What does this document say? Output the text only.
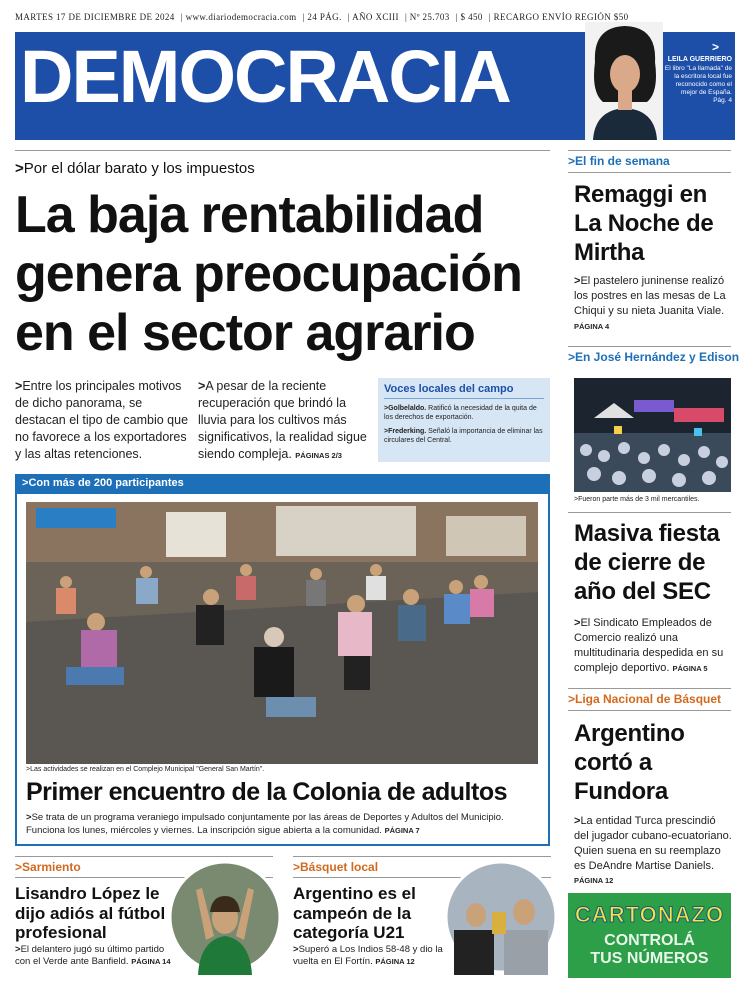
MARTES 17 DE DICIEMBRE DE 2024 | www.diariodemocracia.com | 24 PÁG. | AÑO XCIII | Nº 25.703 | $ 450 | RECARGO ENVÍO REGIÓN $50
DEMOCRACIA	>
LEILA GUERRIERO
El libro "La llamada" de la escritora local fue reconocido como el mejor de España.
Pág. 4
>Por el dólar barato y los impuestos
La baja rentabilidad genera preocupación en el sector agrario
>Entre los principales motivos de dicho panorama, se destacan el tipo de cambio que no favorece a los exportadores y las altas retenciones.
>A pesar de la reciente recuperación que brindó la lluvia para los cultivos más significativos, la realidad sigue siendo compleja. PÁGINAS 2/3
Voces locales del campo
>Golbelaldo. Ratificó la necesidad de la quita de los derechos de exportación.
>Frederking. Señaló la importancia de eliminar las circulares del Central.
>Con más de 200 participantes
>Las actividades se realizan en el Complejo Municipal "General San Martín".
Primer encuentro de la Colonia de adultos
>Se trata de un programa veraniego impulsado conjuntamente por las áreas de Deportes y Adultos del Municipio. Funciona los lunes, miércoles y viernes. La inscripción sigue abierta a la comunidad. PÁGINA 7
>Sarmiento
Lisandro López le dijo adiós al fútbol profesional
>El delantero jugó su último partido con el Verde ante Banfield. PÁGINA 14
>Básquet local
Argentino es el campeón de la categoría U21
>Superó a Los Indios 58-48 y dio la vuelta en El Fortín. PÁGINA 12
>El fin de semana
Remaggi en La Noche de Mirtha
>El pastelero juninense realizó los postres en las mesas de La Chiqui y su nieta Juanita Viale. PÁGINA 4
>En José Hernández y Edison
>Fueron parte más de 3 mil mercantiles.
Masiva fiesta de cierre de año del SEC
>El Sindicato Empleados de Comercio realizó una multitudinaria despedida en su complejo deportivo. PÁGINA 5
>Liga Nacional de Básquet
Argentino cortó a Fundora
>La entidad Turca prescindió del jugador cubano-ecuatoriano. Quien suena en su reemplazo es DeAndre Martise Daniels. PÁGINA 12
CARTONAZO
CONTROLÁ
TUS NÚMEROS
